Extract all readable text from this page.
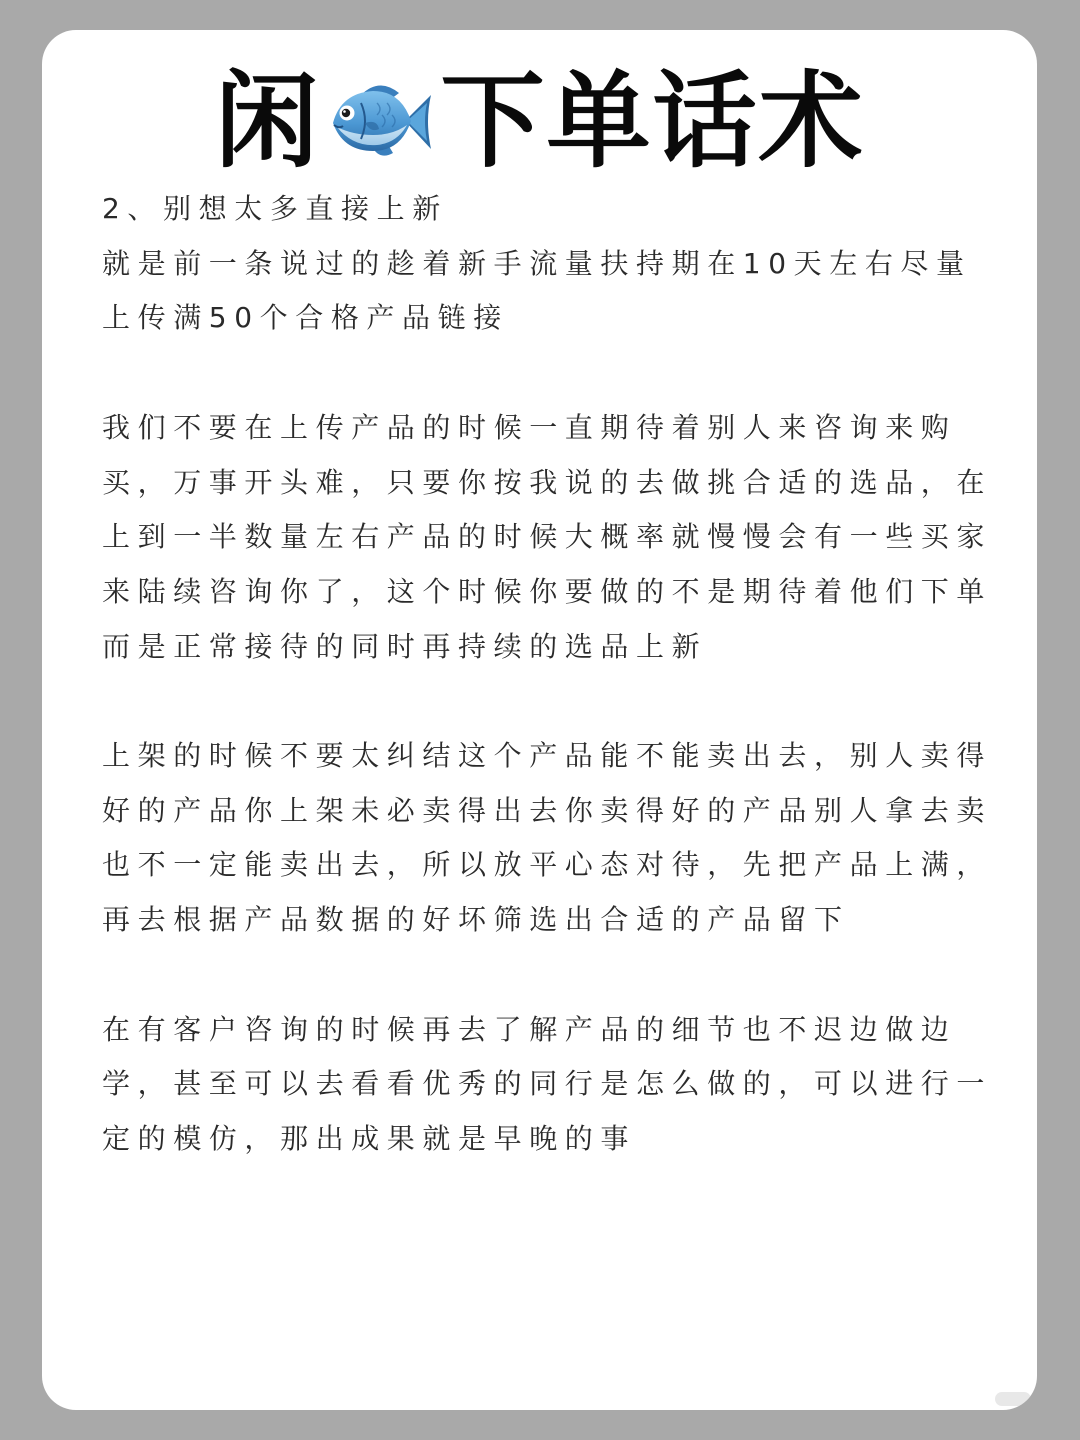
闲 下单话术

2、别想太多直接上新
就是前一条说过的趁着新手流量扶持期在10天左右尽量上传满50个合格产品链接

我们不要在上传产品的时候一直期待着别人来咨询来购买，万事开头难，只要你按我说的去做挑合适的选品，在上到一半数量左右产品的时候大概率就慢慢会有一些买家来陆续咨询你了，这个时候你要做的不是期待着他们下单而是正常接待的同时再持续的选品上新

上架的时候不要太纠结这个产品能不能卖出去，别人卖得好的产品你上架未必卖得出去你卖得好的产品别人拿去卖也不一定能卖出去，所以放平心态对待，先把产品上满，再去根据产品数据的好坏筛选出合适的产品留下

在有客户咨询的时候再去了解产品的细节也不迟边做边学，甚至可以去看看优秀的同行是怎么做的，可以进行一定的模仿，那出成果就是早晚的事
